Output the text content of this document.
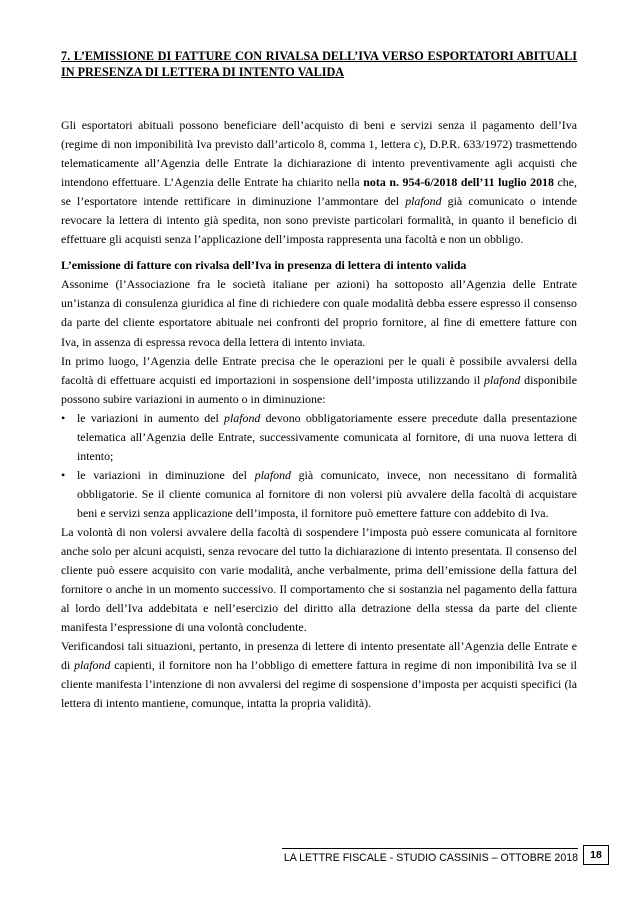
7. L’EMISSIONE DI FATTURE CON RIVALSA DELL’IVA VERSO ESPORTATORI ABITUALI IN PRESENZA DI LETTERA DI INTENTO VALIDA

Gli esportatori abituali possono beneficiare dell’acquisto di beni e servizi senza il pagamento dell’Iva (regime di non imponibilità Iva previsto dall’articolo 8, comma 1, lettera c), D.P.R. 633/1972) trasmettendo telematicamente all’Agenzia delle Entrate la dichiarazione di intento preventivamente agli acquisti che intendono effettuare. L’Agenzia delle Entrate ha chiarito nella nota n. 954-6/2018 dell’11 luglio 2018 che, se l’esportatore intende rettificare in diminuzione l’ammontare del plafond già comunicato o intende revocare la lettera di intento già spedita, non sono previste particolari formalità, in quanto il beneficio di effettuare gli acquisti senza l’applicazione dell’imposta rappresenta una facoltà e non un obbligo.

L’emissione di fatture con rivalsa dell’Iva in presenza di lettera di intento valida

Assonime (l’Associazione fra le società italiane per azioni) ha sottoposto all’Agenzia delle Entrate un’istanza di consulenza giuridica al fine di richiedere con quale modalità debba essere espresso il consenso da parte del cliente esportatore abituale nei confronti del proprio fornitore, al fine di emettere fatture con Iva, in assenza di espressa revoca della lettera di intento inviata.

In primo luogo, l’Agenzia delle Entrate precisa che le operazioni per le quali è possibile avvalersi della facoltà di effettuare acquisti ed importazioni in sospensione dell’imposta utilizzando il plafond disponibile possono subire variazioni in aumento o in diminuzione:

• le variazioni in aumento del plafond devono obbligatoriamente essere precedute dalla presentazione telematica all’Agenzia delle Entrate, successivamente comunicata al fornitore, di una nuova lettera di intento;
• le variazioni in diminuzione del plafond già comunicato, invece, non necessitano di formalità obbligatorie. Se il cliente comunica al fornitore di non volersi più avvalere della facoltà di acquistare beni e servizi senza applicazione dell’imposta, il fornitore può emettere fatture con addebito di Iva.

La volontà di non volersi avvalere della facoltà di sospendere l’imposta può essere comunicata al fornitore anche solo per alcuni acquisti, senza revocare del tutto la dichiarazione di intento presentata. Il consenso del cliente può essere acquisito con varie modalità, anche verbalmente, prima dell’emissione della fattura del fornitore o anche in un momento successivo. Il comportamento che si sostanzia nel pagamento della fattura al lordo dell’Iva addebitata e nell’esercizio del diritto alla detrazione della stessa da parte del cliente manifesta l’espressione di una volontà concludente.

Verificandosi tali situazioni, pertanto, in presenza di lettere di intento presentate all’Agenzia delle Entrate e di plafond capienti, il fornitore non ha l’obbligo di emettere fattura in regime di non imponibilità Iva se il cliente manifesta l’intenzione di non avvalersi del regime di sospensione d’imposta per acquisti specifici (la lettera di intento mantiene, comunque, intatta la propria validità).

LA LETTRE FISCALE - STUDIO CASSINIS – OTTOBRE 2018	18
